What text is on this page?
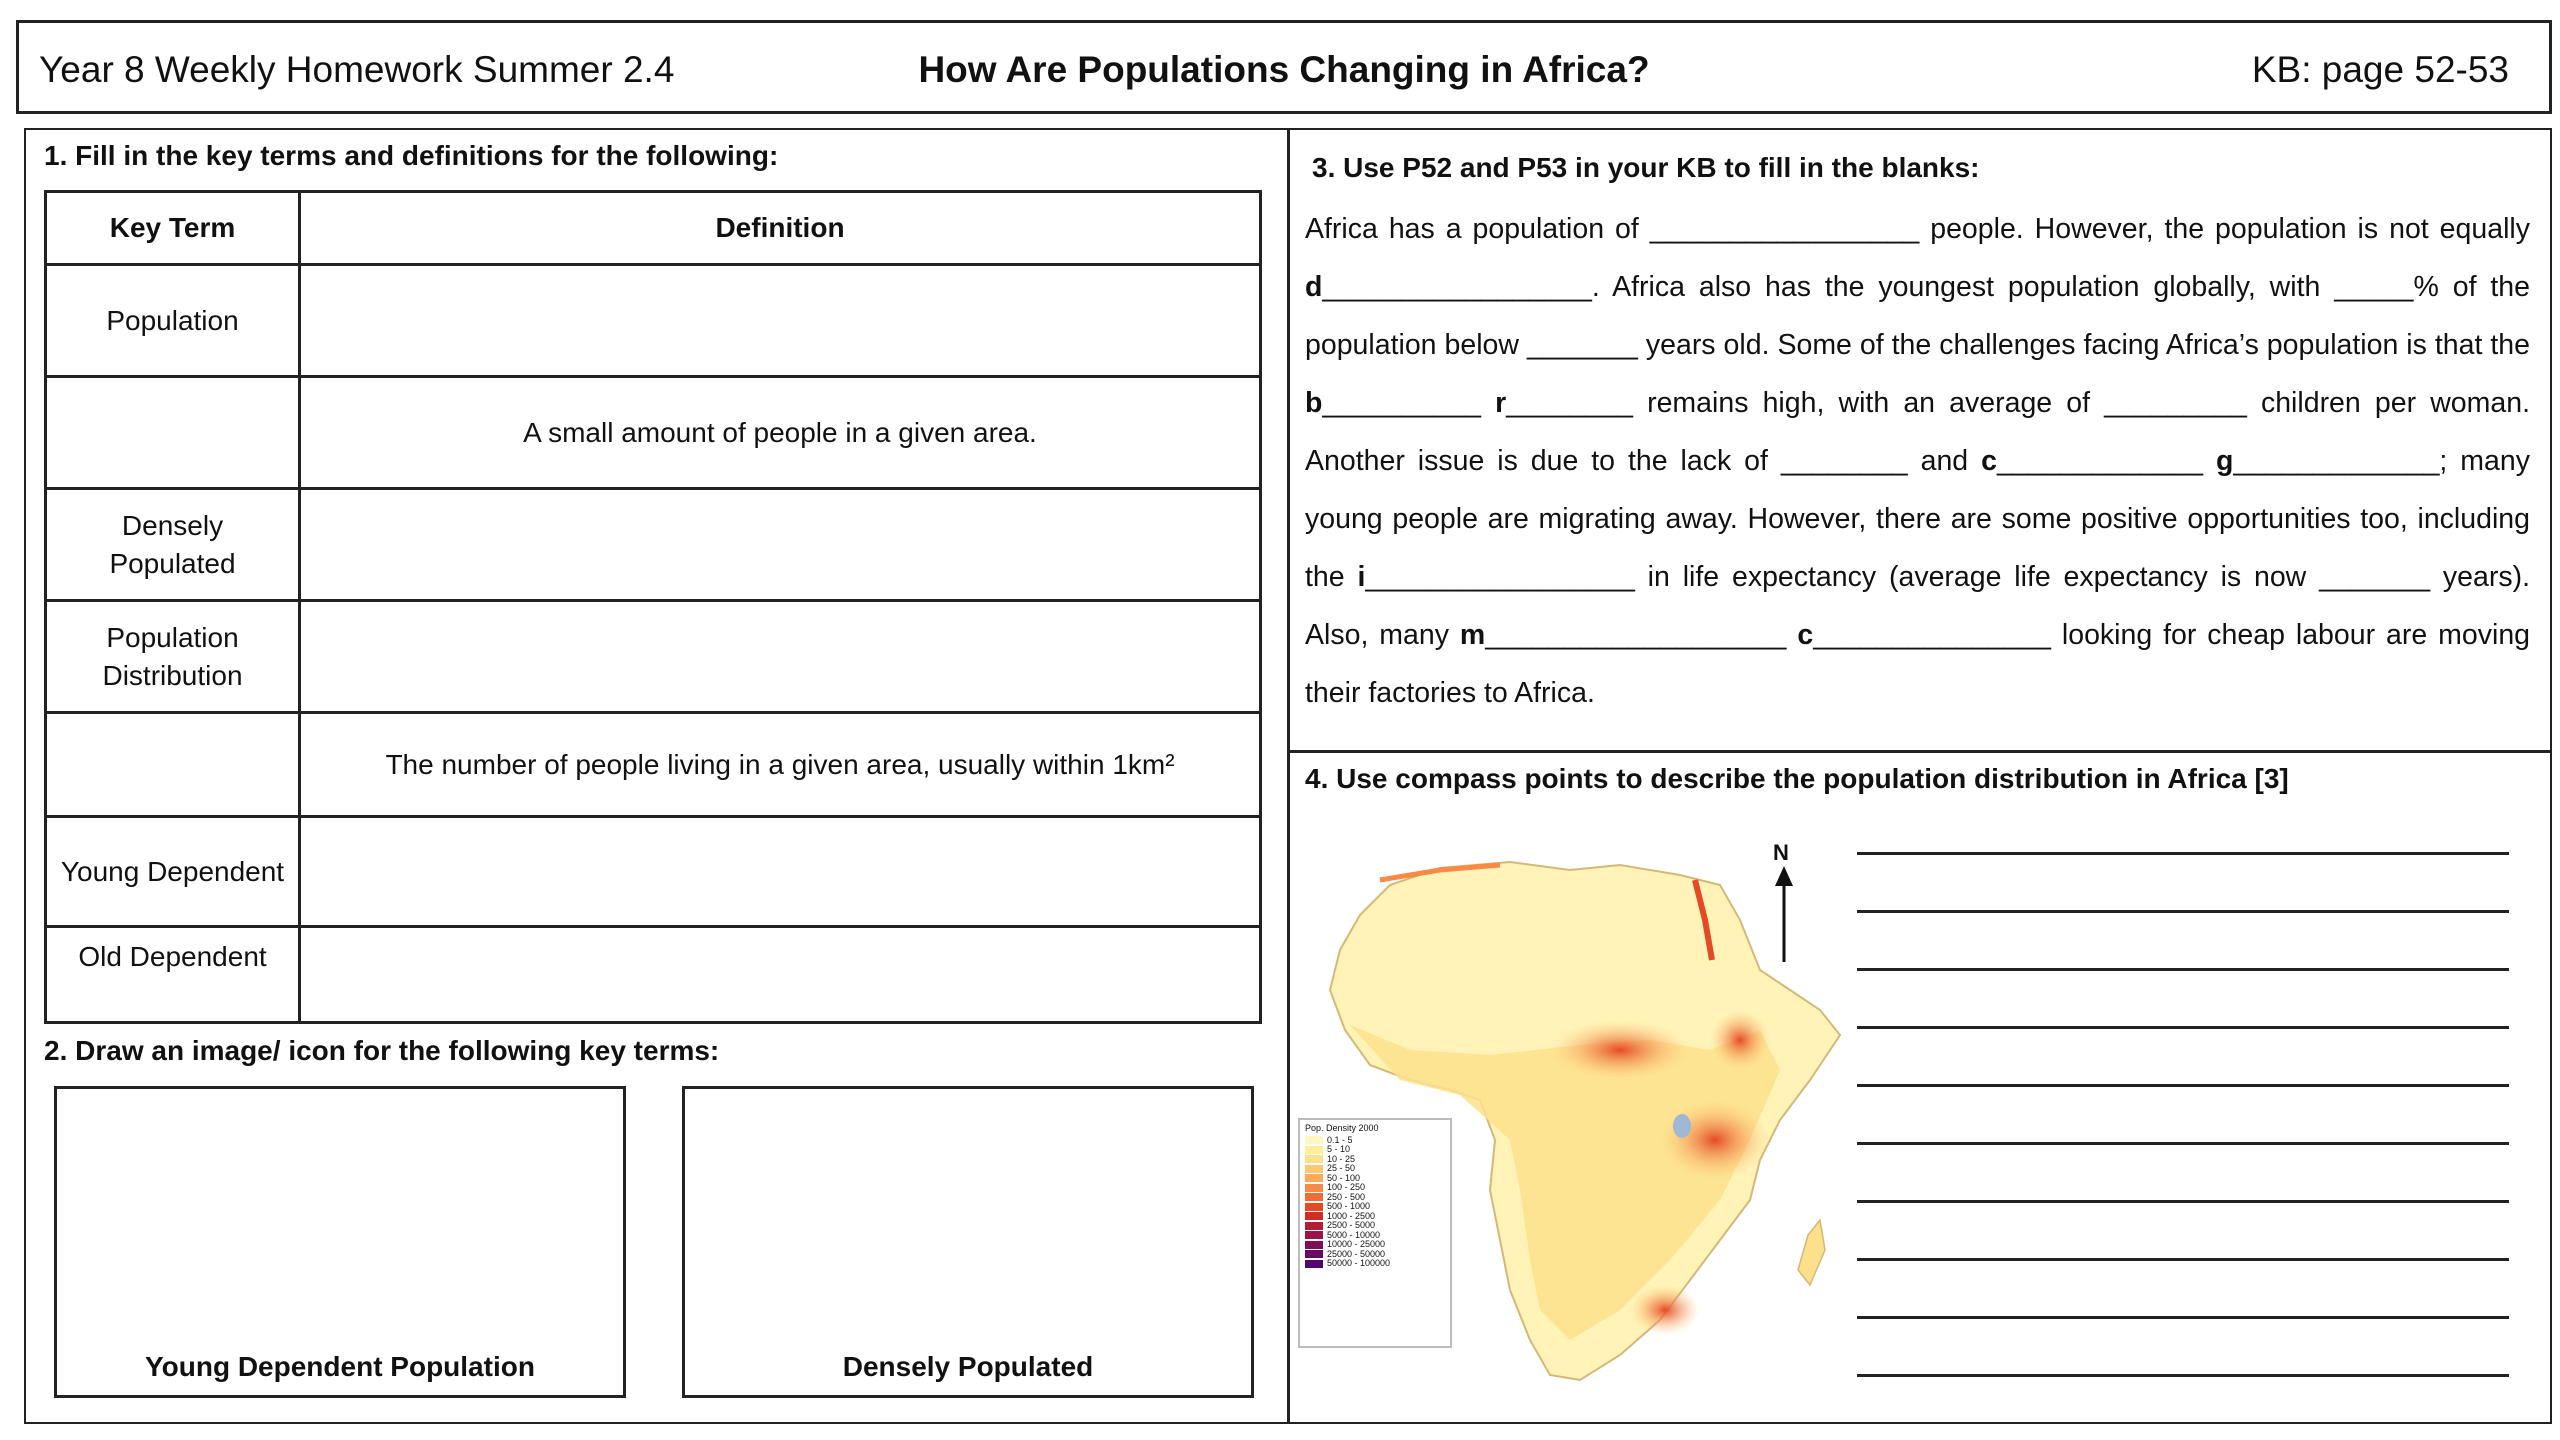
How Are Populations Changing in Africa?
Year 8 Weekly Homework Summer 2.4	KB: page 52-53
1. Fill in the key terms and definitions for the following:
Key Term	Definition
Population	
	A small amount of people in a given area.
Densely Populated	
Population Distribution	
	The number of people living in a given area, usually within 1km²
Young Dependent	
Old Dependent	
2. Draw an image/ icon for the following key terms:
Young Dependent Population	Densely Populated
3. Use P52 and P53 in your KB to fill in the blanks:
Africa has a population of _________________ people. However, the population is not equally d_________________. Africa also has the youngest population globally, with _____% of the population below _______ years old. Some of the challenges facing Africa’s population is that the b__________ r________ remains high, with an average of _________ children per woman. Another issue is due to the lack of ________ and c_____________ g_____________; many young people are migrating away. However, there are some positive opportunities too, including the i_________________ in life expectancy (average life expectancy is now _______ years). Also, many m___________________ c_______________ looking for cheap labour are moving their factories to Africa.
4. Use compass points to describe the population distribution in Africa [3]
N
Pop. Density 2000
0.1 - 5
5 - 10
10 - 25
25 - 50
50 - 100
100 - 250
250 - 500
500 - 1000
1000 - 2500
2500 - 5000
5000 - 10000
10000 - 25000
25000 - 50000
50000 - 100000
